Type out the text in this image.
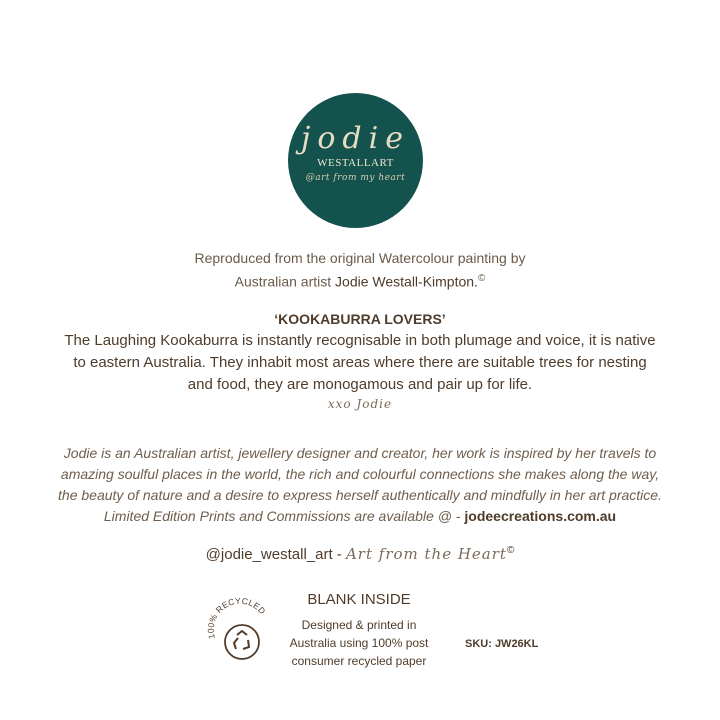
jodie
WESTALLART
@art from my heart
Reproduced from the original Watercolour painting by
Australian artist Jodie Westall-Kimpton.©
‘KOOKABURRA LOVERS’
The Laughing Kookaburra is instantly recognisable in both plumage and voice, it is native
to eastern Australia. They inhabit most areas where there are suitable trees for nesting
and food, they are monogamous and pair up for life.
xxo Jodie
Jodie is an Australian artist, jewellery designer and creator, her work is inspired by her travels to
amazing soulful places in the world, the rich and colourful connections she makes along the way,
the beauty of nature and a desire to express herself authentically and mindfully in her art practice.
Limited Edition Prints and Commissions are available @ - jodeecreations.com.au
@jodie_westall_art - Art from the Heart©
100% RECYCLED
BLANK INSIDE
Designed & printed in
Australia using 100% post
consumer recycled paper
SKU: JW26KL
